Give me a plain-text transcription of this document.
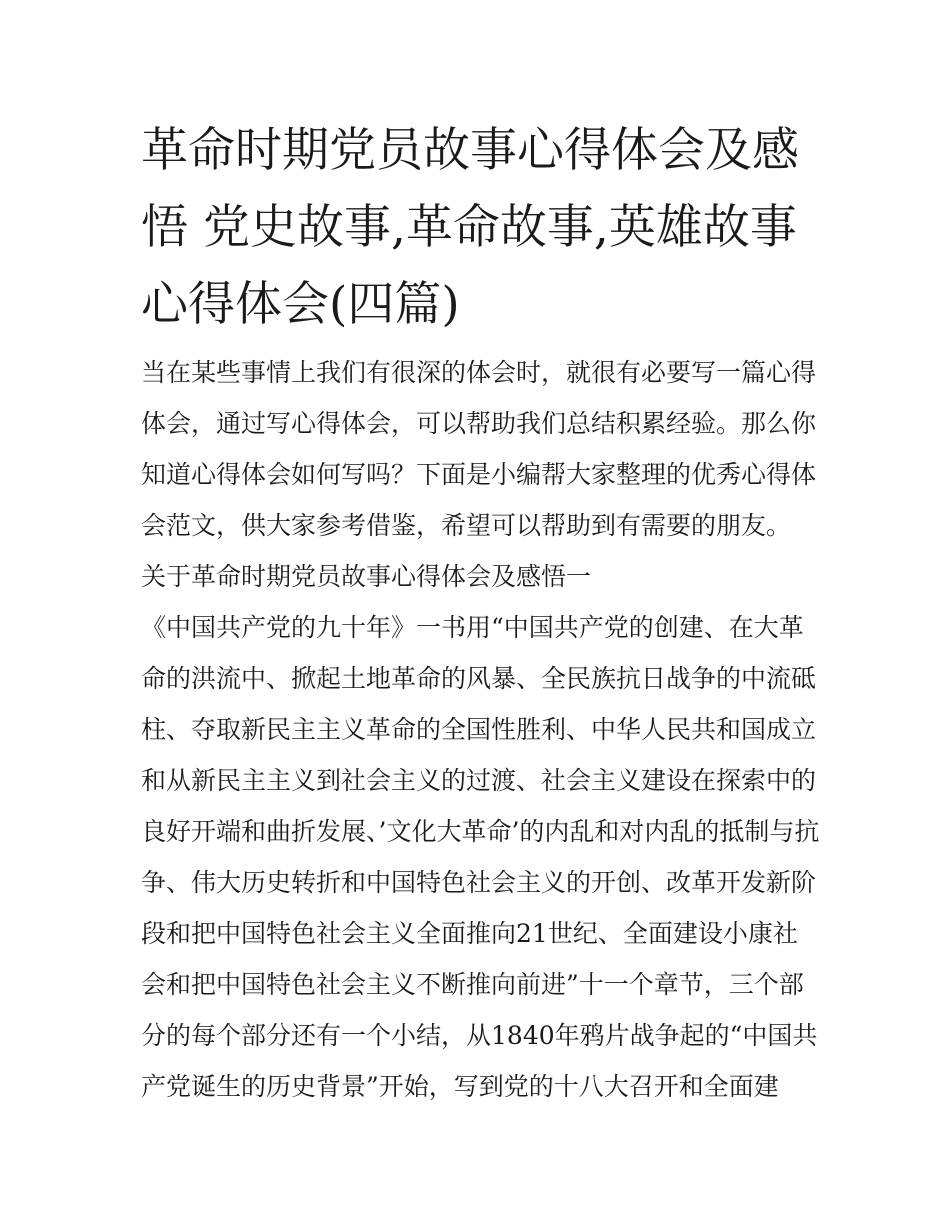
革命时期党员故事心得体会及感悟 党史故事,革命故事,英雄故事心得体会(四篇)

当在某些事情上我们有很深的体会时，就很有必要写一篇心得体会，通过写心得体会，可以帮助我们总结积累经验。那么你知道心得体会如何写吗？下面是小编帮大家整理的优秀心得体会范文，供大家参考借鉴，希望可以帮助到有需要的朋友。

关于革命时期党员故事心得体会及感悟一

《中国共产党的九十年》一书用“中国共产党的创建、在大革命的洪流中、掀起土地革命的风暴、全民族抗日战争的中流砥柱、夺取新民主主义革命的全国性胜利、中华人民共和国成立和从新民主主义到社会主义的过渡、社会主义建设在探索中的良好开端和曲折发展、’文化大革命’的内乱和对内乱的抵制与抗争、伟大历史转折和中国特色社会主义的开创、改革开发新阶段和把中国特色社会主义全面推向21世纪、全面建设小康社会和把中国特色社会主义不断推向前进”十一个章节，三个部分的每个部分还有一个小结，从1840年鸦片战争起的“中国共产党诞生的历史背景”开始，写到党的十八大召开和全面建
